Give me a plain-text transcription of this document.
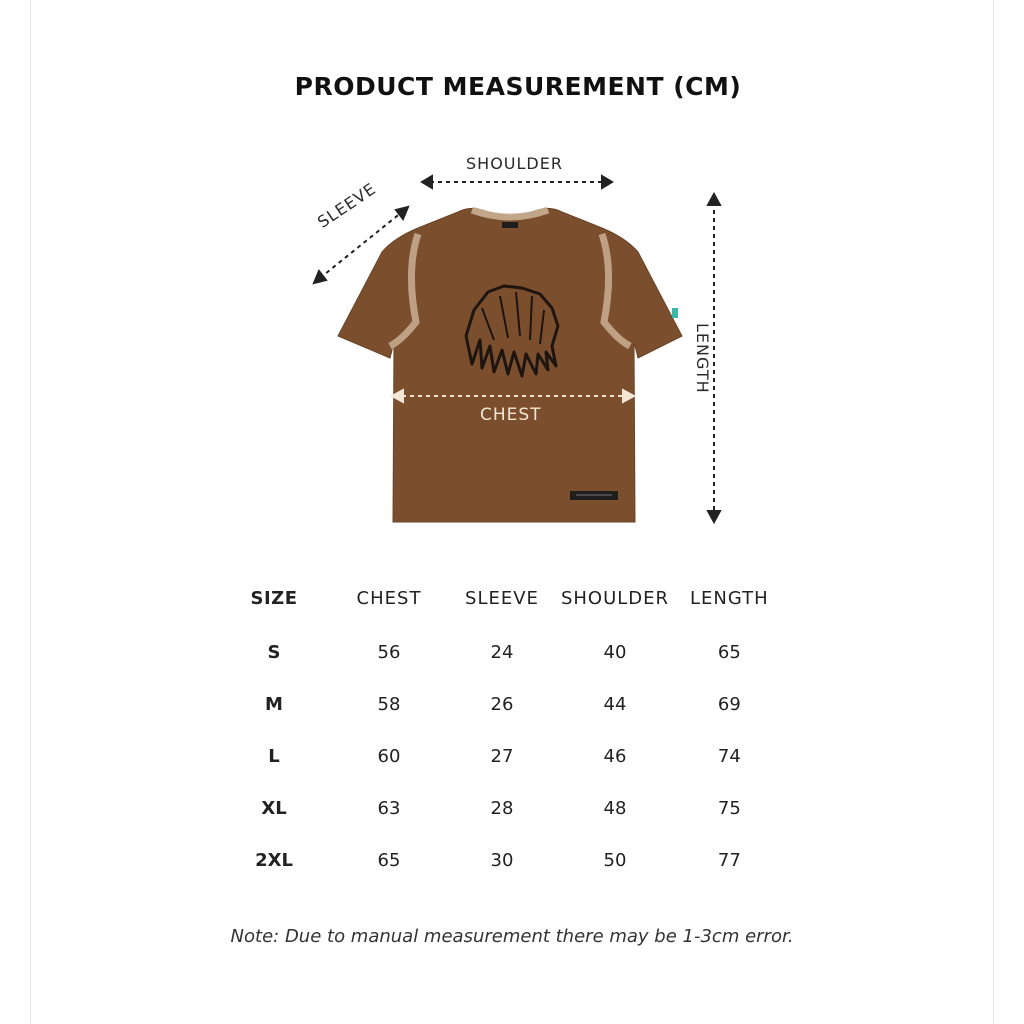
PRODUCT MEASUREMENT (CM)
SHOULDER
SLEEVE
LENGTH
CHEST
SIZE	CHEST	SLEEVE	SHOULDER	LENGTH
S	56	24	40	65
M	58	26	44	69
L	60	27	46	74
XL	63	28	48	75
2XL	65	30	50	77
Note: Due to manual measurement there may be 1-3cm error.
